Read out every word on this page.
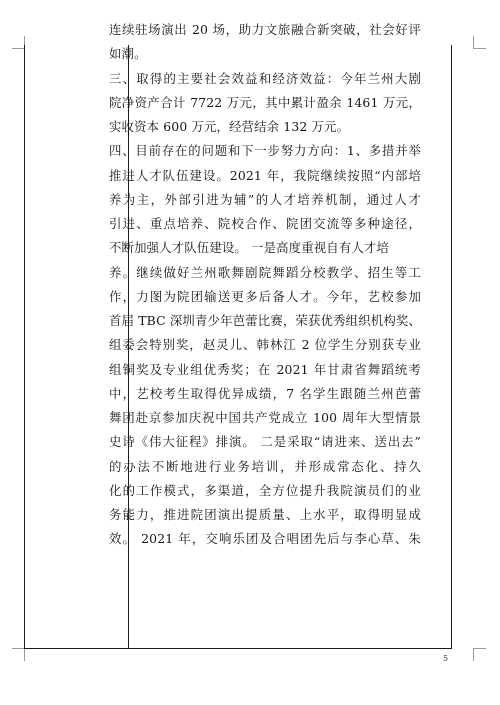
连续驻场演出 20 场，助力文旅融合新突破，社会好评
如潮。
三、取得的主要社会效益和经济效益：今年兰州大剧
院净资产合计 7722 万元，其中累计盈余 1461 万元，
实收资本 600 万元，经营结余 132 万元。
四、目前存在的问题和下一步努力方向：1、多措并举
推进人才队伍建设。2021 年，我院继续按照“内部培
养为主，外部引进为辅”的人才培养机制，通过人才
引进、重点培养、院校合作、院团交流等多种途径，
不断加强人才队伍建设。 一是高度重视自有人才培
养。继续做好兰州歌舞剧院舞蹈分校教学、招生等工
作，力图为院团输送更多后备人才。今年，艺校参加
首届 TBC 深圳青少年芭蕾比赛，荣获优秀组织机构奖、
组委会特别奖，赵灵儿、韩林江 2 位学生分别获专业
组铜奖及专业组优秀奖；在 2021 年甘肃省舞蹈统考
中，艺校考生取得优异成绩，7 名学生跟随兰州芭蕾
舞团赴京参加庆祝中国共产党成立 100 周年大型情景
史诗《伟大征程》排演。 二是采取“请进来、送出去”
的办法不断地进行业务培训，并形成常态化、持久
化的工作模式，多渠道，全方位提升我院演员们的业
务能力，推进院团演出提质量、上水平，取得明显成
效。 2021 年，交响乐团及合唱团先后与李心草、朱
5
